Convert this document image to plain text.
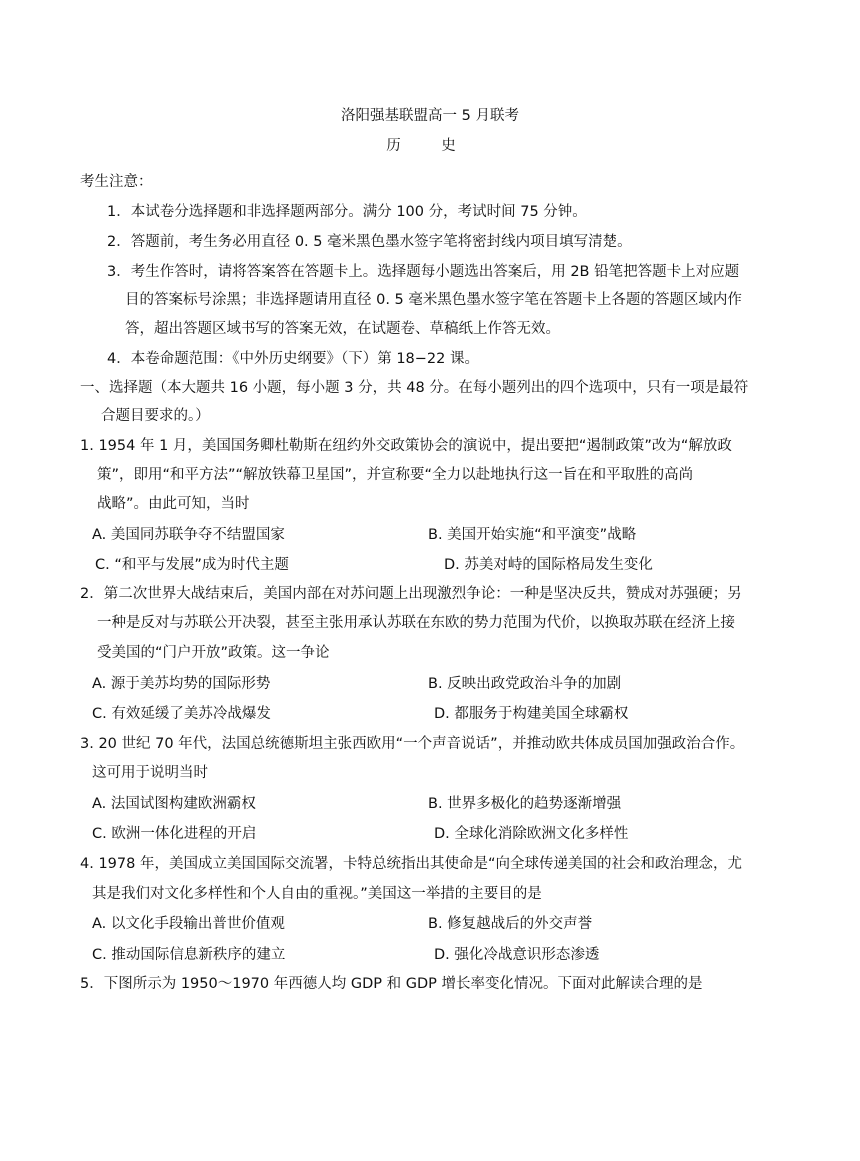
洛阳强基联盟高一 5 月联考
历 史
考生注意：
1．本试卷分选择题和非选择题两部分。满分 100 分，考试时间 75 分钟。
2．答题前，考生务必用直径 0. 5 毫米黑色墨水签字笔将密封线内项目填写清楚。
3．考生作答时，请将答案答在答题卡上。选择题每小题选出答案后，用 2B 铅笔把答题卡上对应题
目的答案标号涂黑；非选择题请用直径 0. 5 毫米黑色墨水签字笔在答题卡上各题的答题区域内作
答，超出答题区域书写的答案无效，在试题卷、草稿纸上作答无效。
4．本卷命题范围：《中外历史纲要》（下）第 18−22 课。
一、选择题（本大题共 16 小题，每小题 3 分，共 48 分。在每小题列出的四个选项中，只有一项是最符
合题目要求的。）
1. 1954 年 1 月，美国国务卿杜勒斯在纽约外交政策协会的演说中，提出要把“遏制政策”改为“解放政
策”，即用“和平方法”“解放铁幕卫星国”，并宣称要“全力以赴地执行这一旨在和平取胜的高尚
战略”。由此可知，当时
A. 美国同苏联争夺不结盟国家	B. 美国开始实施“和平演变”战略
C. “和平与发展”成为时代主题	D. 苏美对峙的国际格局发生变化
2．第二次世界大战结束后，美国内部在对苏问题上出现激烈争论：一种是坚决反共，赞成对苏强硬；另
一种是反对与苏联公开决裂，甚至主张用承认苏联在东欧的势力范围为代价，以换取苏联在经济上接
受美国的“门户开放”政策。这一争论
A. 源于美苏均势的国际形势	B. 反映出政党政治斗争的加剧
C. 有效延缓了美苏冷战爆发	D. 都服务于构建美国全球霸权
3. 20 世纪 70 年代，法国总统德斯坦主张西欧用“一个声音说话”，并推动欧共体成员国加强政治合作。
这可用于说明当时
A. 法国试图构建欧洲霸权	B. 世界多极化的趋势逐渐增强
C. 欧洲一体化进程的开启	D. 全球化消除欧洲文化多样性
4. 1978 年，美国成立美国国际交流署，卡特总统指出其使命是“向全球传递美国的社会和政治理念，尤
其是我们对文化多样性和个人自由的重视。”美国这一举措的主要目的是
A. 以文化手段输出普世价值观	B. 修复越战后的外交声誉
C. 推动国际信息新秩序的建立	D. 强化冷战意识形态渗透
5．下图所示为 1950～1970 年西德人均 GDP 和 GDP 增长率变化情况。下面对此解读合理的是
